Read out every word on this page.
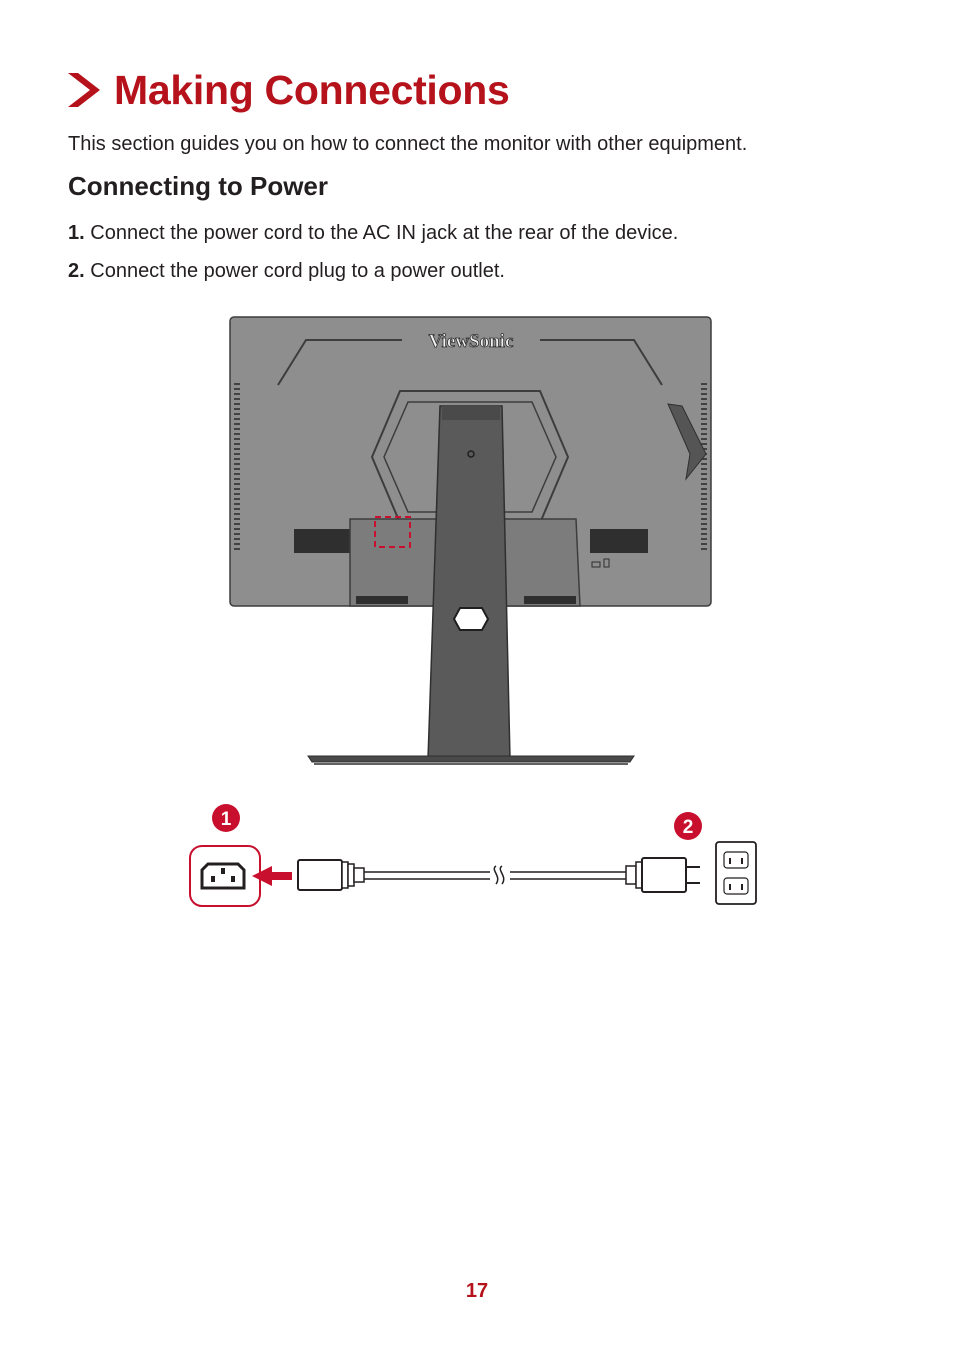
Making Connections
This section guides you on how to connect the monitor with other equipment.
Connecting to Power
1. Connect the power cord to the AC IN jack at the rear of the device.
2. Connect the power cord plug to a power outlet.
ViewSonic
1	2
17
